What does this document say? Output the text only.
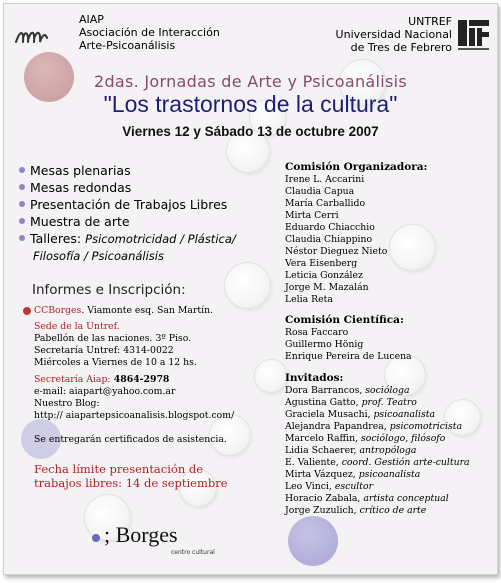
AIAP
Asociación de Interacción
Arte-Psicoanálisis
UNTREF
Universidad Nacional
de Tres de Febrero
2das. Jornadas de Arte y Psicoanálisis
"Los trastornos de la cultura"
Viernes 12 y Sábado 13 de octubre 2007
Mesas plenarias
Mesas redondas
Presentación de Trabajos Libres
Muestra de arte
Talleres: Psicomotricidad / Plástica/
Filosofía / Psicoanálisis
Informes e Inscripción:
CCBorges. Viamonte esq. San Martín.
Sede de la Untref.
Pabellón de las naciones. 3º Piso.
Secretaría Untref: 4314-0022
Miércoles a Viernes de 10 a 12 hs.
Secretaría Aiap: 4864-2978
e-mail: aiapart@yahoo.com.ar
Nuestro Blog:
http:// aiapartepsicoanalisis.blogspot.com/
Se entregarán certificados de asistencia.
Fecha límite presentación de
trabajos libres: 14 de septiembre
; Borges
centro cultural
Comisión Organizadora:
Irene L. Accarini
Claudia Capua
María Carballido
Mirta Cerri
Eduardo Chiacchio
Claudia Chiappino
Néstor Dieguez Nieto
Vera Eisenberg
Leticia González
Jorge M. Mazalán
Lelia Reta
Comisión Científica:
Rosa Faccaro
Guillermo Hönig
Enrique Pereira de Lucena
Invitados:
Dora Barrancos, socióloga
Agustina Gatto, prof. Teatro
Graciela Musachi, psicoanalista
Alejandra Papandrea, psicomotricista
Marcelo Raffin, sociólogo, filósofo
Lidia Schaerer, antropóloga
E. Valiente, coord. Gestión arte-cultura
Mirta Vázquez, psicoanalista
Leo Vinci, escultor
Horacio Zabala, artista conceptual
Jorge Zuzulich, crítico de arte
